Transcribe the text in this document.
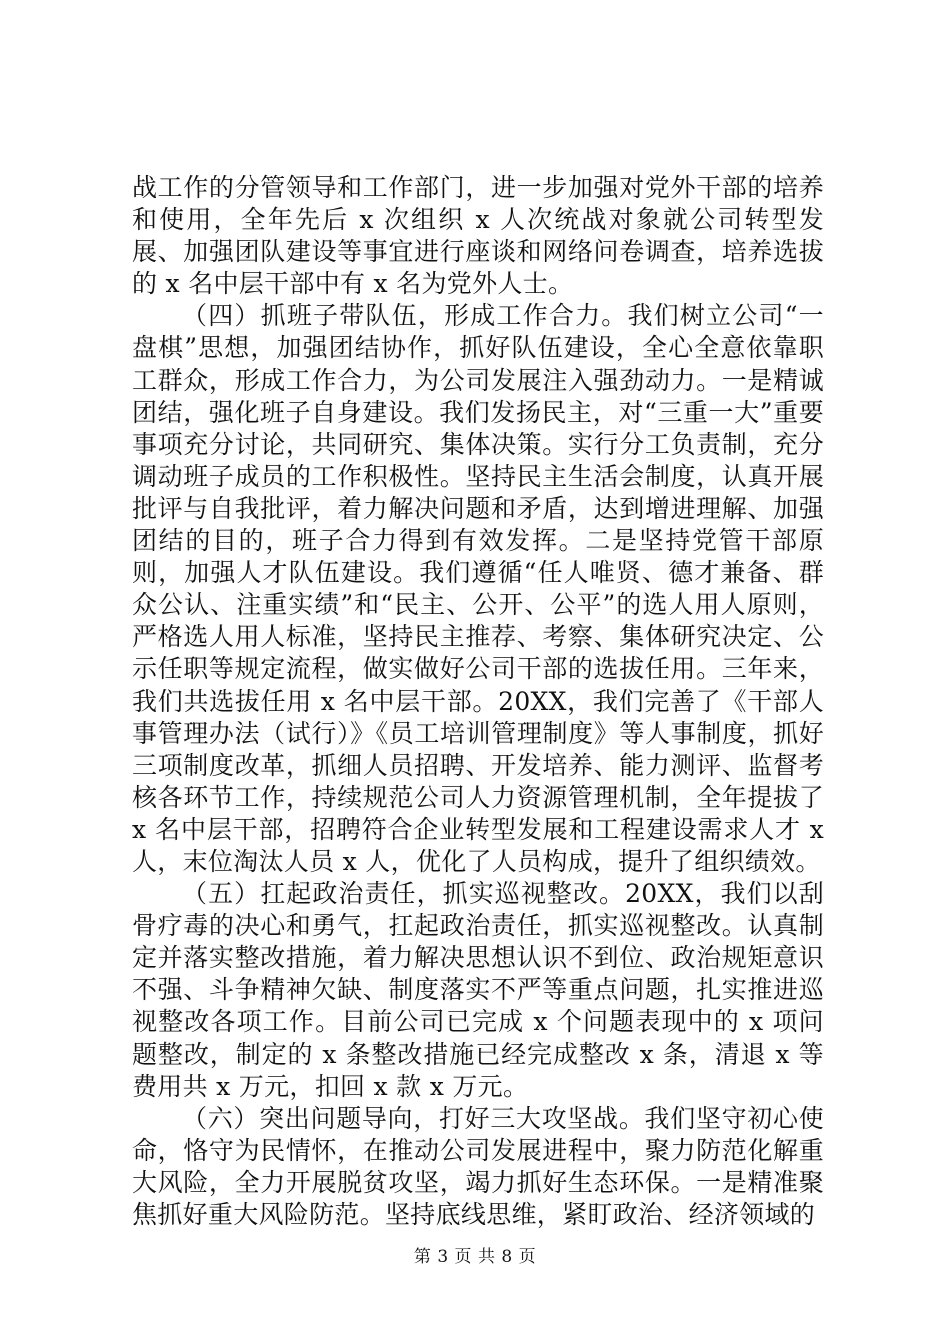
战工作的分管领导和工作部门，进一步加强对党外干部的培养和使用，全年先后 x 次组织 x 人次统战对象就公司转型发展、加强团队建设等事宜进行座谈和网络问卷调查，培养选拔的 x 名中层干部中有 x 名为党外人士。

（四）抓班子带队伍，形成工作合力。我们树立公司“一盘棋”思想，加强团结协作，抓好队伍建设，全心全意依靠职工群众，形成工作合力，为公司发展注入强劲动力。一是精诚团结，强化班子自身建设。我们发扬民主，对“三重一大”重要事项充分讨论，共同研究、集体决策。实行分工负责制，充分调动班子成员的工作积极性。坚持民主生活会制度，认真开展批评与自我批评，着力解决问题和矛盾，达到增进理解、加强团结的目的，班子合力得到有效发挥。二是坚持党管干部原则，加强人才队伍建设。我们遵循“任人唯贤、德才兼备、群众公认、注重实绩”和“民主、公开、公平”的选人用人原则，严格选人用人标准，坚持民主推荐、考察、集体研究决定、公示任职等规定流程，做实做好公司干部的选拔任用。三年来，我们共选拔任用 x 名中层干部。20XX，我们完善了《干部人事管理办法（试行）》《员工培训管理制度》等人事制度，抓好三项制度改革，抓细人员招聘、开发培养、能力测评、监督考核各环节工作，持续规范公司人力资源管理机制，全年提拔了 x 名中层干部，招聘符合企业转型发展和工程建设需求人才 x 人，末位淘汰人员 x 人，优化了人员构成，提升了组织绩效。

（五）扛起政治责任，抓实巡视整改。20XX，我们以刮骨疗毒的决心和勇气，扛起政治责任，抓实巡视整改。认真制定并落实整改措施，着力解决思想认识不到位、政治规矩意识不强、斗争精神欠缺、制度落实不严等重点问题，扎实推进巡视整改各项工作。目前公司已完成 x 个问题表现中的 x 项问题整改，制定的 x 条整改措施已经完成整改 x 条，清退 x 等费用共 x 万元，扣回 x 款 x 万元。

（六）突出问题导向，打好三大攻坚战。我们坚守初心使命，恪守为民情怀，在推动公司发展进程中，聚力防范化解重大风险，全力开展脱贫攻坚，竭力抓好生态环保。一是精准聚焦抓好重大风险防范。坚持底线思维，紧盯政治、经济领域的

第 3 页 共 8 页
